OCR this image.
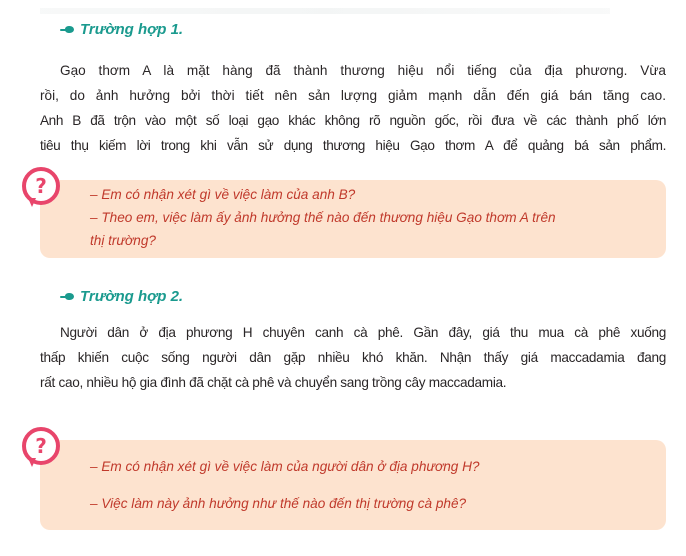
Trường hợp 1.
Gạo thơm A là mặt hàng đã thành thương hiệu nổi tiếng của địa phương. Vừa
rồi, do ảnh hưởng bởi thời tiết nên sản lượng giảm mạnh dẫn đến giá bán tăng cao.
Anh B đã trộn vào một số loại gạo khác không rõ nguồn gốc, rồi đưa về các thành phố lớn
tiêu thụ kiếm lời trong khi vẫn sử dụng thương hiệu Gạo thơm A để quảng bá sản phẩm.
– Em có nhận xét gì về việc làm của anh B?
– Theo em, việc làm ấy ảnh hưởng thế nào đến thương hiệu Gạo thơm A trên
thị trường?
?
Trường hợp 2.
Người dân ở địa phương H chuyên canh cà phê. Gần đây, giá thu mua cà phê xuống
thấp khiến cuộc sống người dân gặp nhiều khó khăn. Nhận thấy giá maccadamia đang
rất cao, nhiều hộ gia đình đã chặt cà phê và chuyển sang trồng cây maccadamia.
– Em có nhận xét gì về việc làm của người dân ở địa phương H?
– Việc làm này ảnh hưởng như thế nào đến thị trường cà phê?
?
